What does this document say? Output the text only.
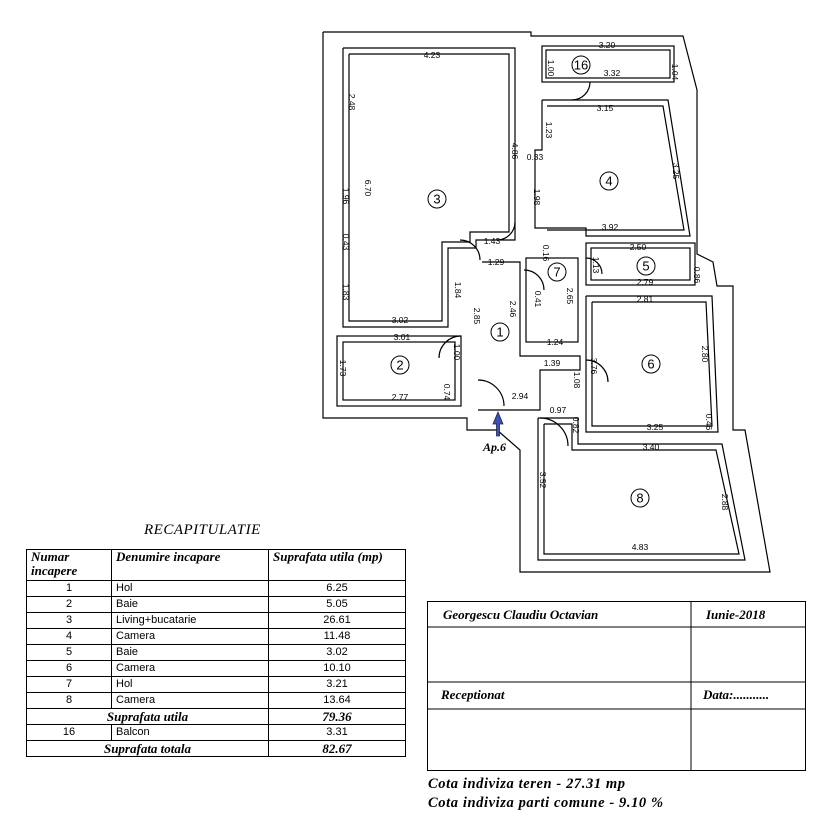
3
16
4
5
7
1
6
2
8
4.23
2.48
6.70
1.96
0.43
1.83
3.02
4.86
1.43
1.29
1.84
2.85	2.46
0.41
3.01
1.73
1.00
2.77	0.74
3.20
1.00	1.04
3.32
3.15
1.23
0.33
3.25
1.98
3.92
0.16	2.50
1.13
0.86
2.79
2.65	2.81
1.24
1.39	3.76
2.80
1.08
2.94
0.97
0.82	3.25	0.46
3.40
3.52
2.88
4.83
Ap.6
RECAPITULATIE
Numar incapere	Denumire incapare	Suprafata utila (mp)
1	Hol	6.25
2	Baie	5.05
3	Living+bucatarie	26.61
4	Camera	11.48
5	Baie	3.02
6	Camera	10.10
7	Hol	3.21
8	Camera	13.64
Suprafata utila		79.36
16	Balcon	3.31
Suprafata totala		82.67
Georgescu Claudiu Octavian	Iunie-2018
Receptionat	Data:...........
Cota indiviza teren - 27.31 mp
Cota indiviza parti comune - 9.10 %
